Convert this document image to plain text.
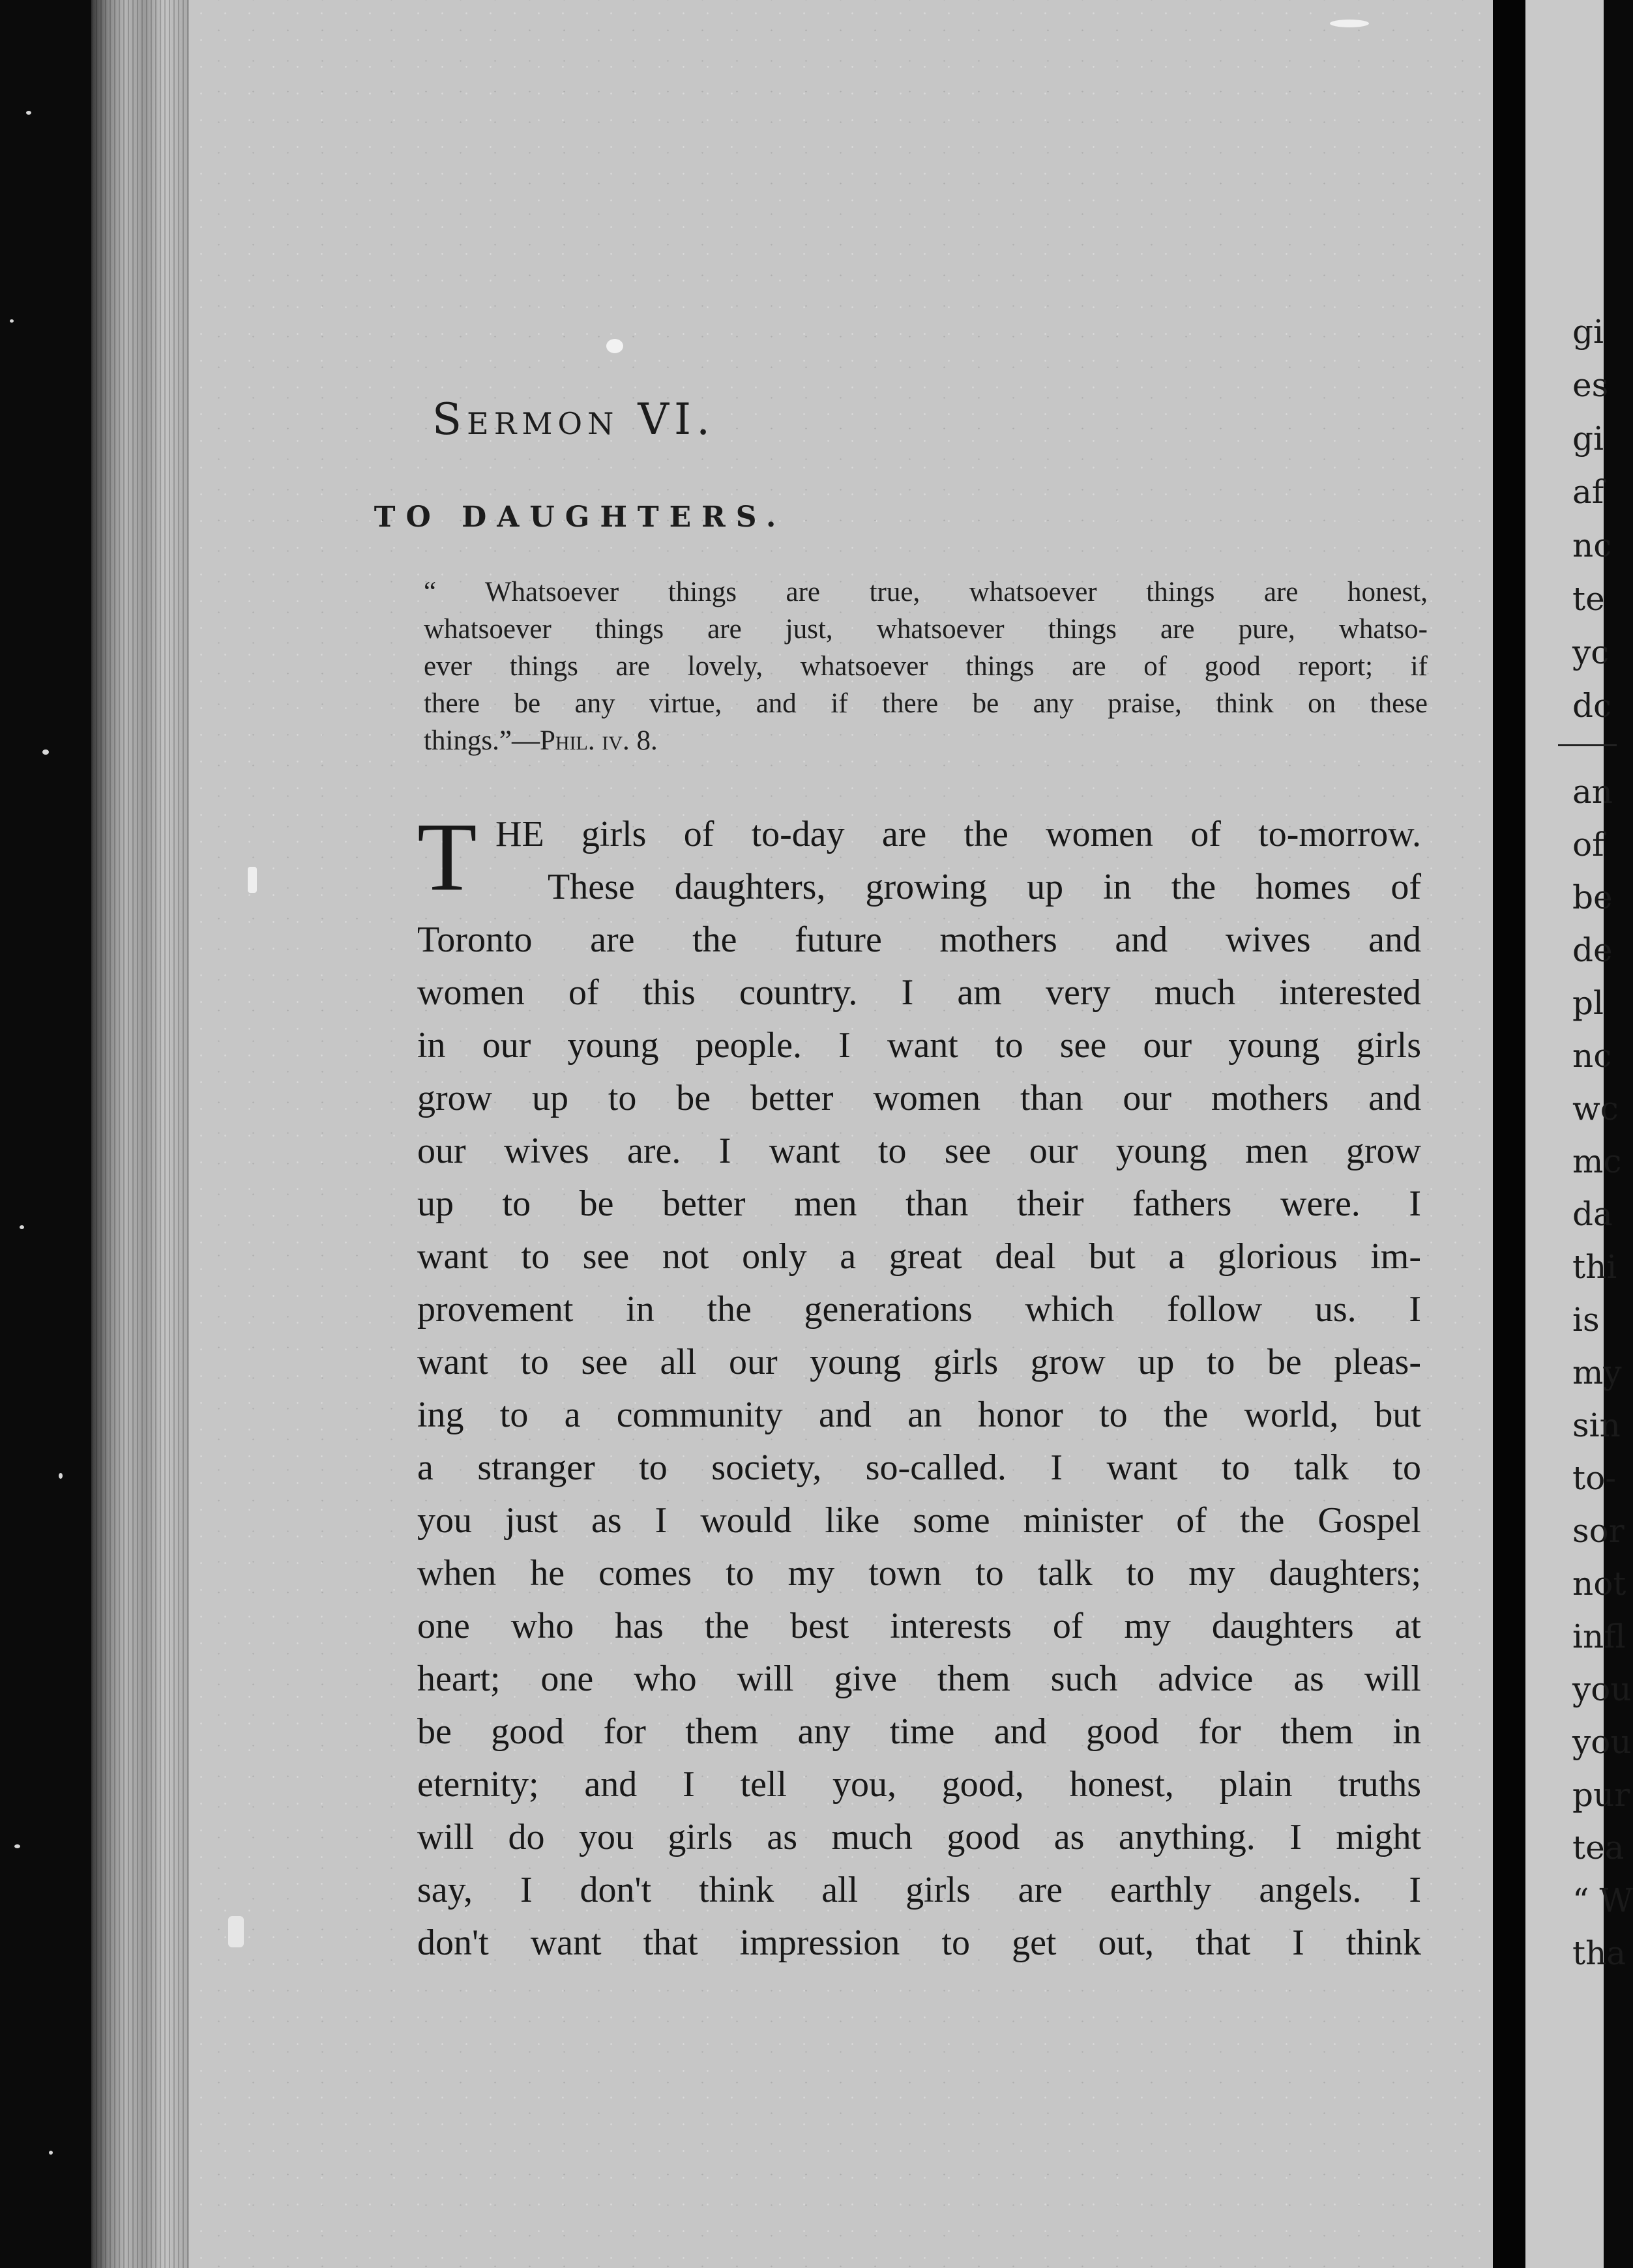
gi
es
gi
af
nc
te
yc
dc
an
of
be
de
pl
nc
wc
mc
da
thi
is
my
sin
to-
sor
not
infl
you
you
pur
tea
“ W
tha
Sermon VI.
TO DAUGHTERS.
“ Whatsoever things are true, whatsoever things are honest,
whatsoever things are just, whatsoever things are pure, whatso-
ever things are lovely, whatsoever things are of good report; if
there be any virtue, and if there be any praise, think on these
things.”—Phil. iv. 8.
T HE girls of to-day are the women of to-morrow.
These daughters, growing up in the homes of
Toronto are the future mothers and wives and
women of this country. I am very much interested
in our young people. I want to see our young girls
grow up to be better women than our mothers and
our wives are. I want to see our young men grow
up to be better men than their fathers were. I
want to see not only a great deal but a glorious im-
provement in the generations which follow us. I
want to see all our young girls grow up to be pleas-
ing to a community and an honor to the world, but
a stranger to society, so-called. I want to talk to
you just as I would like some minister of the Gospel
when he comes to my town to talk to my daughters;
one who has the best interests of my daughters at
heart; one who will give them such advice as will
be good for them any time and good for them in
eternity; and I tell you, good, honest, plain truths
will do you girls as much good as anything. I might
say, I don't think all girls are earthly angels. I
don't want that impression to get out, that I think
